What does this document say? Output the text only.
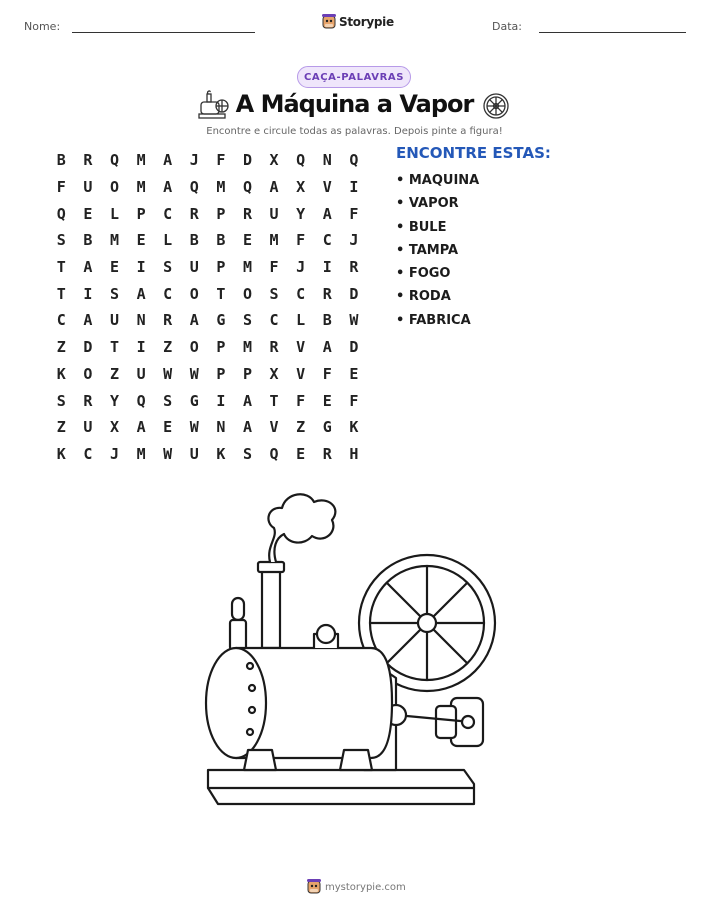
Nome:	Storypie	Data:
CAÇA-PALAVRAS
A Máquina a Vapor
Encontre e circule todas as palavras. Depois pinte a figura!
B	R	Q	M	A	J	F	D	X	Q	N	Q
F	U	O	M	A	Q	M	Q	A	X	V	I
Q	E	L	P	C	R	P	R	U	Y	A	F
S	B	M	E	L	B	B	E	M	F	C	J
T	A	E	I	S	U	P	M	F	J	I	R
T	I	S	A	C	O	T	O	S	C	R	D
C	A	U	N	R	A	G	S	C	L	B	W
Z	D	T	I	Z	O	P	M	R	V	A	D
K	O	Z	U	W	W	P	P	X	V	F	E
S	R	Y	Q	S	G	I	A	T	F	E	F
Z	U	X	A	E	W	N	A	V	Z	G	K
K	C	J	M	W	U	K	S	Q	E	R	H
ENCONTRE ESTAS:
• MAQUINA
• VAPOR
• BULE
• TAMPA
• FOGO
• RODA
• FABRICA
mystorypie.com
